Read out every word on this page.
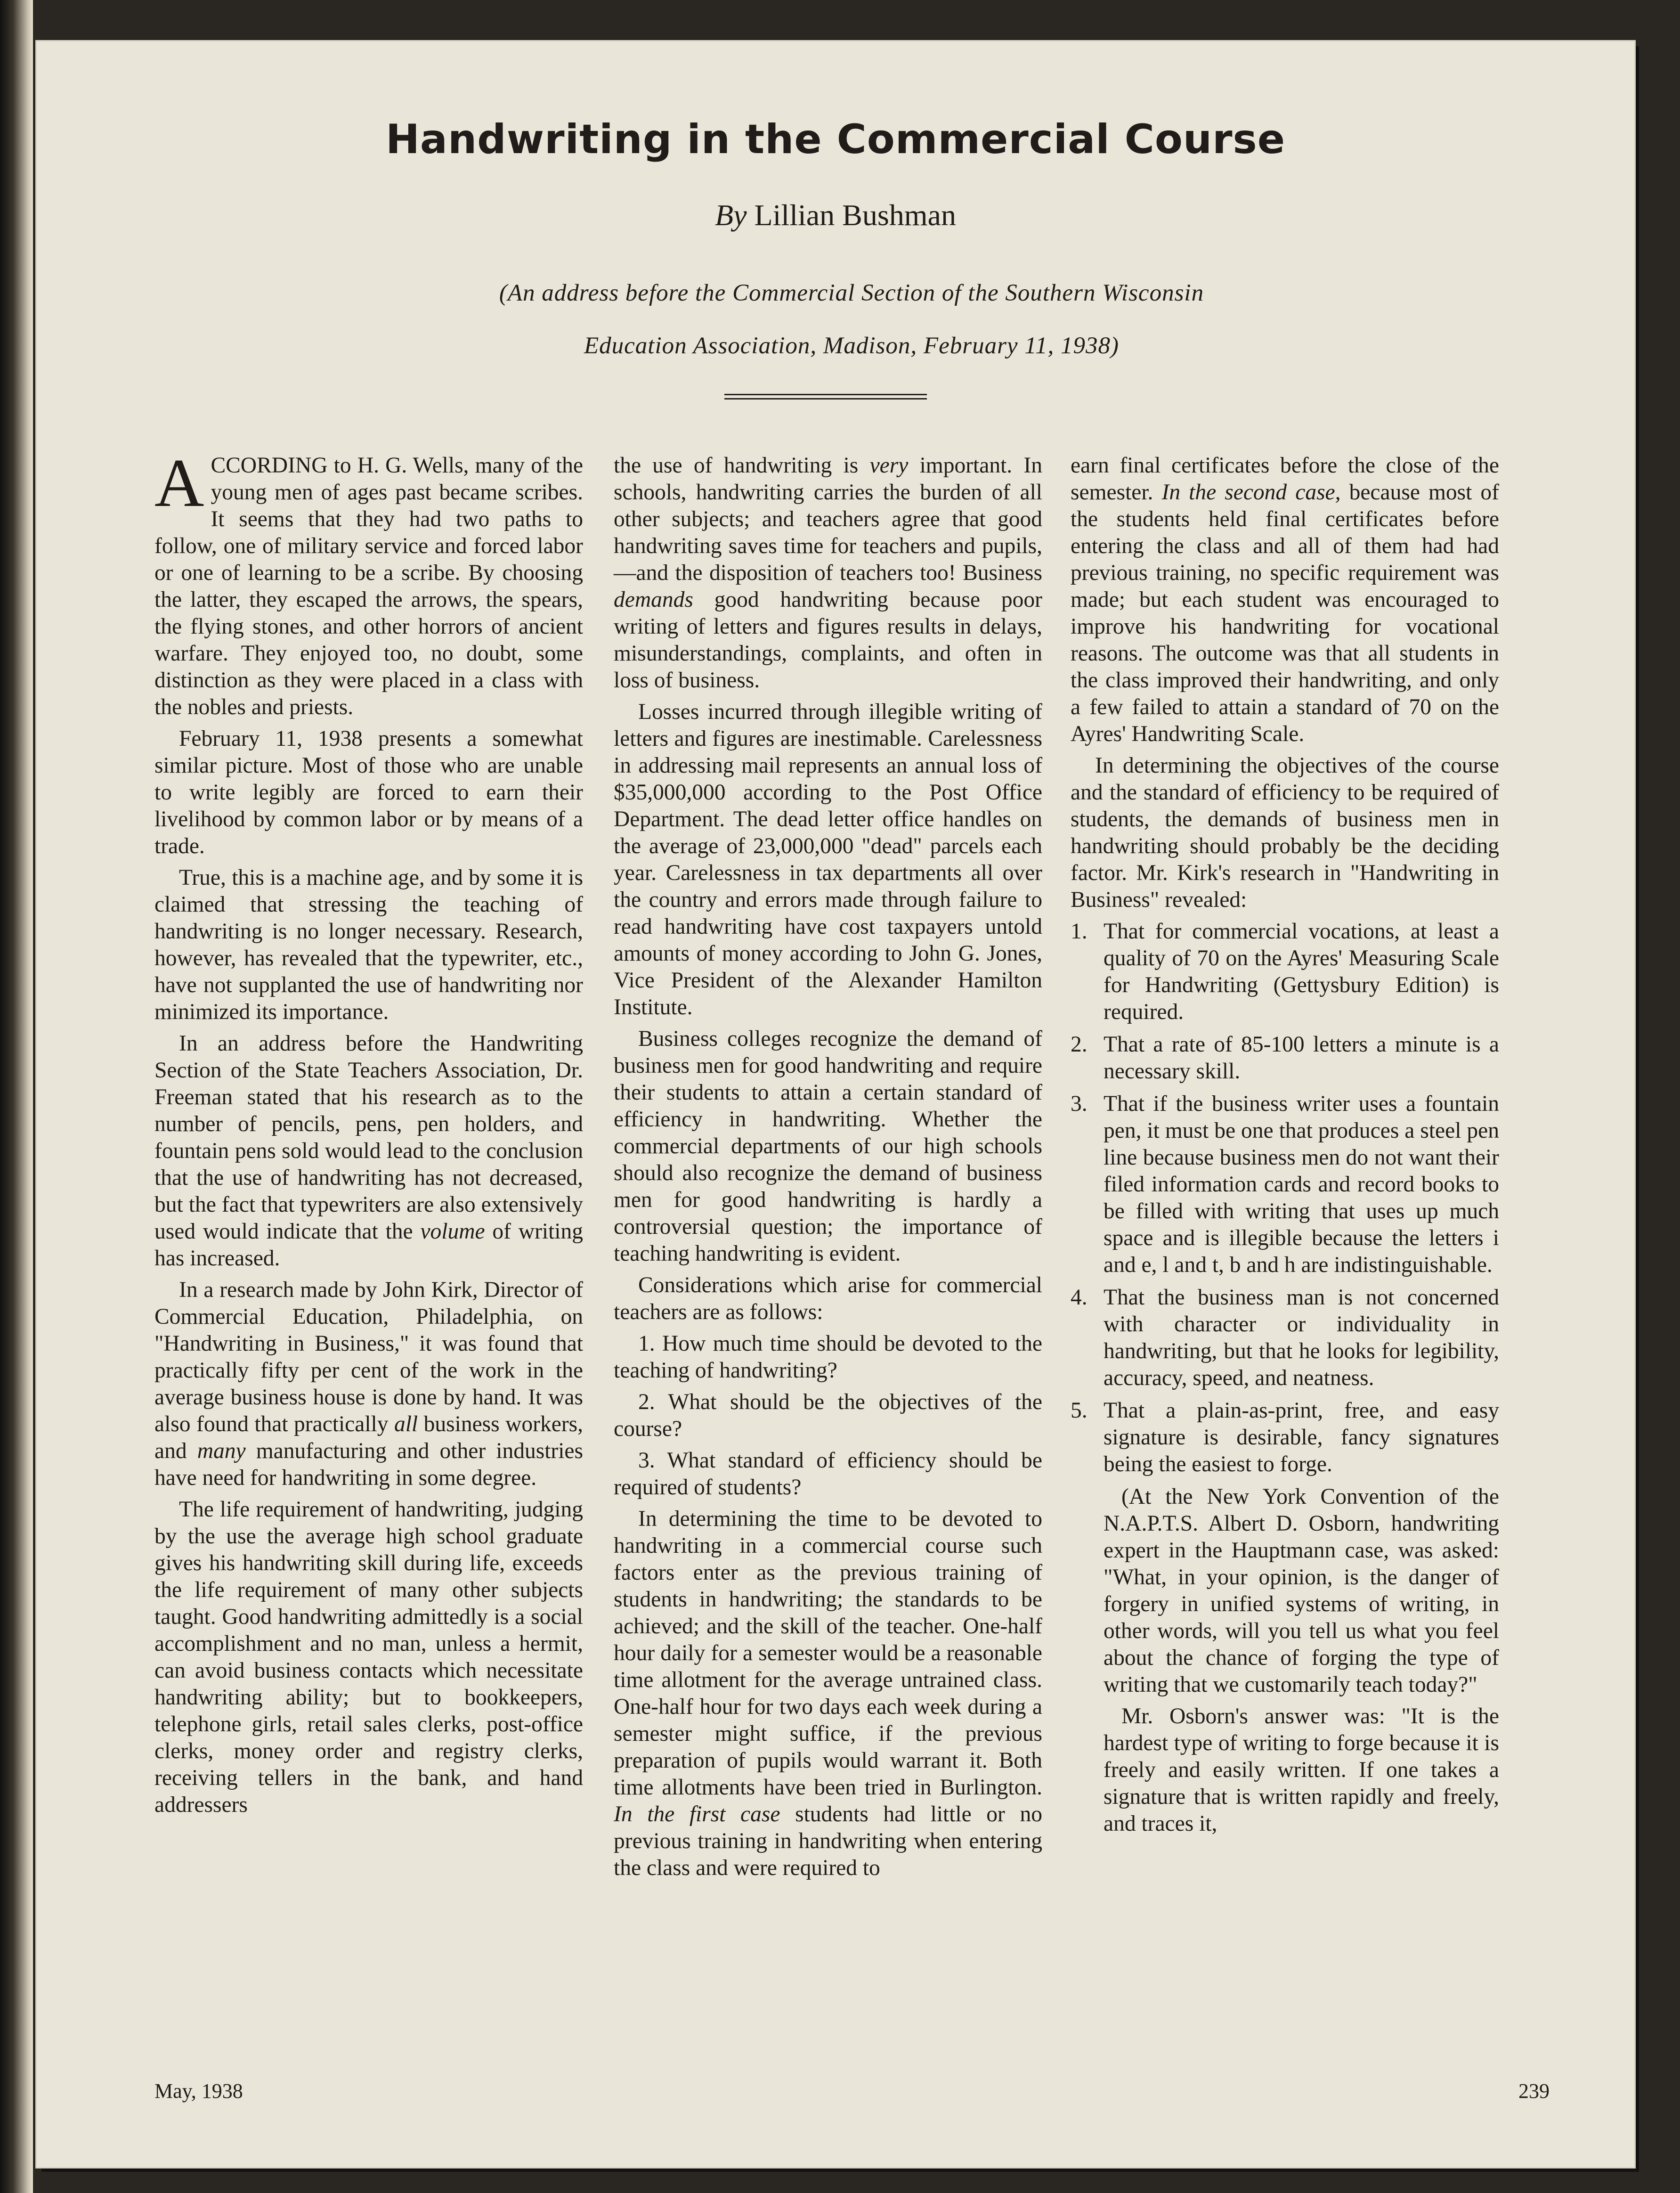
Handwriting in the Commercial Course
By Lillian Bushman
(An address before the Commercial Section of the Southern Wisconsin
Education Association, Madison, February 11, 1938)

ACCORDING to H. G. Wells, many of the young men of ages past became scribes. It seems that they had two paths to follow, one of military service and forced labor or one of learning to be a scribe. By choosing the latter, they escaped the arrows, the spears, the flying stones, and other horrors of ancient warfare. They enjoyed too, no doubt, some distinction as they were placed in a class with the nobles and priests.

February 11, 1938 presents a somewhat similar picture. Most of those who are unable to write legibly are forced to earn their livelihood by common labor or by means of a trade.

True, this is a machine age, and by some it is claimed that stressing the teaching of handwriting is no longer necessary. Research, however, has revealed that the typewriter, etc., have not supplanted the use of handwriting nor minimized its importance.

In an address before the Handwriting Section of the State Teachers Association, Dr. Freeman stated that his research as to the number of pencils, pens, pen holders, and fountain pens sold would lead to the conclusion that the use of handwriting has not decreased, but the fact that typewriters are also extensively used would indicate that the volume of writing has increased.

In a research made by John Kirk, Director of Commercial Education, Philadelphia, on "Handwriting in Business," it was found that practically fifty per cent of the work in the average business house is done by hand. It was also found that practically all business workers, and many manufacturing and other industries have need for handwriting in some degree.

The life requirement of handwriting, judging by the use the average high school graduate gives his handwriting skill during life, exceeds the life requirement of many other subjects taught. Good handwriting admittedly is a social accomplishment and no man, unless a hermit, can avoid business contacts which necessitate handwriting ability; but to bookkeepers, telephone girls, retail sales clerks, post-office clerks, money order and registry clerks, receiving tellers in the bank, and hand addressers

the use of handwriting is very important. In schools, handwriting carries the burden of all other subjects; and teachers agree that good handwriting saves time for teachers and pupils,—and the disposition of teachers too! Business demands good handwriting because poor writing of letters and figures results in delays, misunderstandings, complaints, and often in loss of business.

Losses incurred through illegible writing of letters and figures are inestimable. Carelessness in addressing mail represents an annual loss of $35,000,000 according to the Post Office Department. The dead letter office handles on the average of 23,000,000 "dead" parcels each year. Carelessness in tax departments all over the country and errors made through failure to read handwriting have cost taxpayers untold amounts of money according to John G. Jones, Vice President of the Alexander Hamilton Institute.

Business colleges recognize the demand of business men for good handwriting and require their students to attain a certain standard of efficiency in handwriting. Whether the commercial departments of our high schools should also recognize the demand of business men for good handwriting is hardly a controversial question; the importance of teaching handwriting is evident.

Considerations which arise for commercial teachers are as follows:

1. How much time should be devoted to the teaching of handwriting?

2. What should be the objectives of the course?

3. What standard of efficiency should be required of students?

In determining the time to be devoted to handwriting in a commercial course such factors enter as the previous training of students in handwriting; the standards to be achieved; and the skill of the teacher. One-half hour daily for a semester would be a reasonable time allotment for the average untrained class. One-half hour for two days each week during a semester might suffice, if the previous preparation of pupils would warrant it. Both time allotments have been tried in Burlington. In the first case students had little or no previous training in handwriting when entering the class and were required to

earn final certificates before the close of the semester. In the second case, because most of the students held final certificates before entering the class and all of them had had previous training, no specific requirement was made; but each student was encouraged to improve his handwriting for vocational reasons. The outcome was that all students in the class improved their handwriting, and only a few failed to attain a standard of 70 on the Ayres' Handwriting Scale.

In determining the objectives of the course and the standard of efficiency to be required of students, the demands of business men in handwriting should probably be the deciding factor. Mr. Kirk's research in "Handwriting in Business" revealed:

1. That for commercial vocations, at least a quality of 70 on the Ayres' Measuring Scale for Handwriting (Gettysbury Edition) is required.

2. That a rate of 85-100 letters a minute is a necessary skill.

3. That if the business writer uses a fountain pen, it must be one that produces a steel pen line because business men do not want their filed information cards and record books to be filled with writing that uses up much space and is illegible because the letters i and e, l and t, b and h are indistinguishable.

4. That the business man is not concerned with character or individuality in handwriting, but that he looks for legibility, accuracy, speed, and neatness.

5. That a plain-as-print, free, and easy signature is desirable, fancy signatures being the easiest to forge.

(At the New York Convention of the N.A.P.T.S. Albert D. Osborn, handwriting expert in the Hauptmann case, was asked: "What, in your opinion, is the danger of forgery in unified systems of writing, in other words, will you tell us what you feel about the chance of forging the type of writing that we customarily teach today?"

Mr. Osborn's answer was: "It is the hardest type of writing to forge because it is freely and easily written. If one takes a signature that is written rapidly and freely, and traces it,

May, 1938	239
